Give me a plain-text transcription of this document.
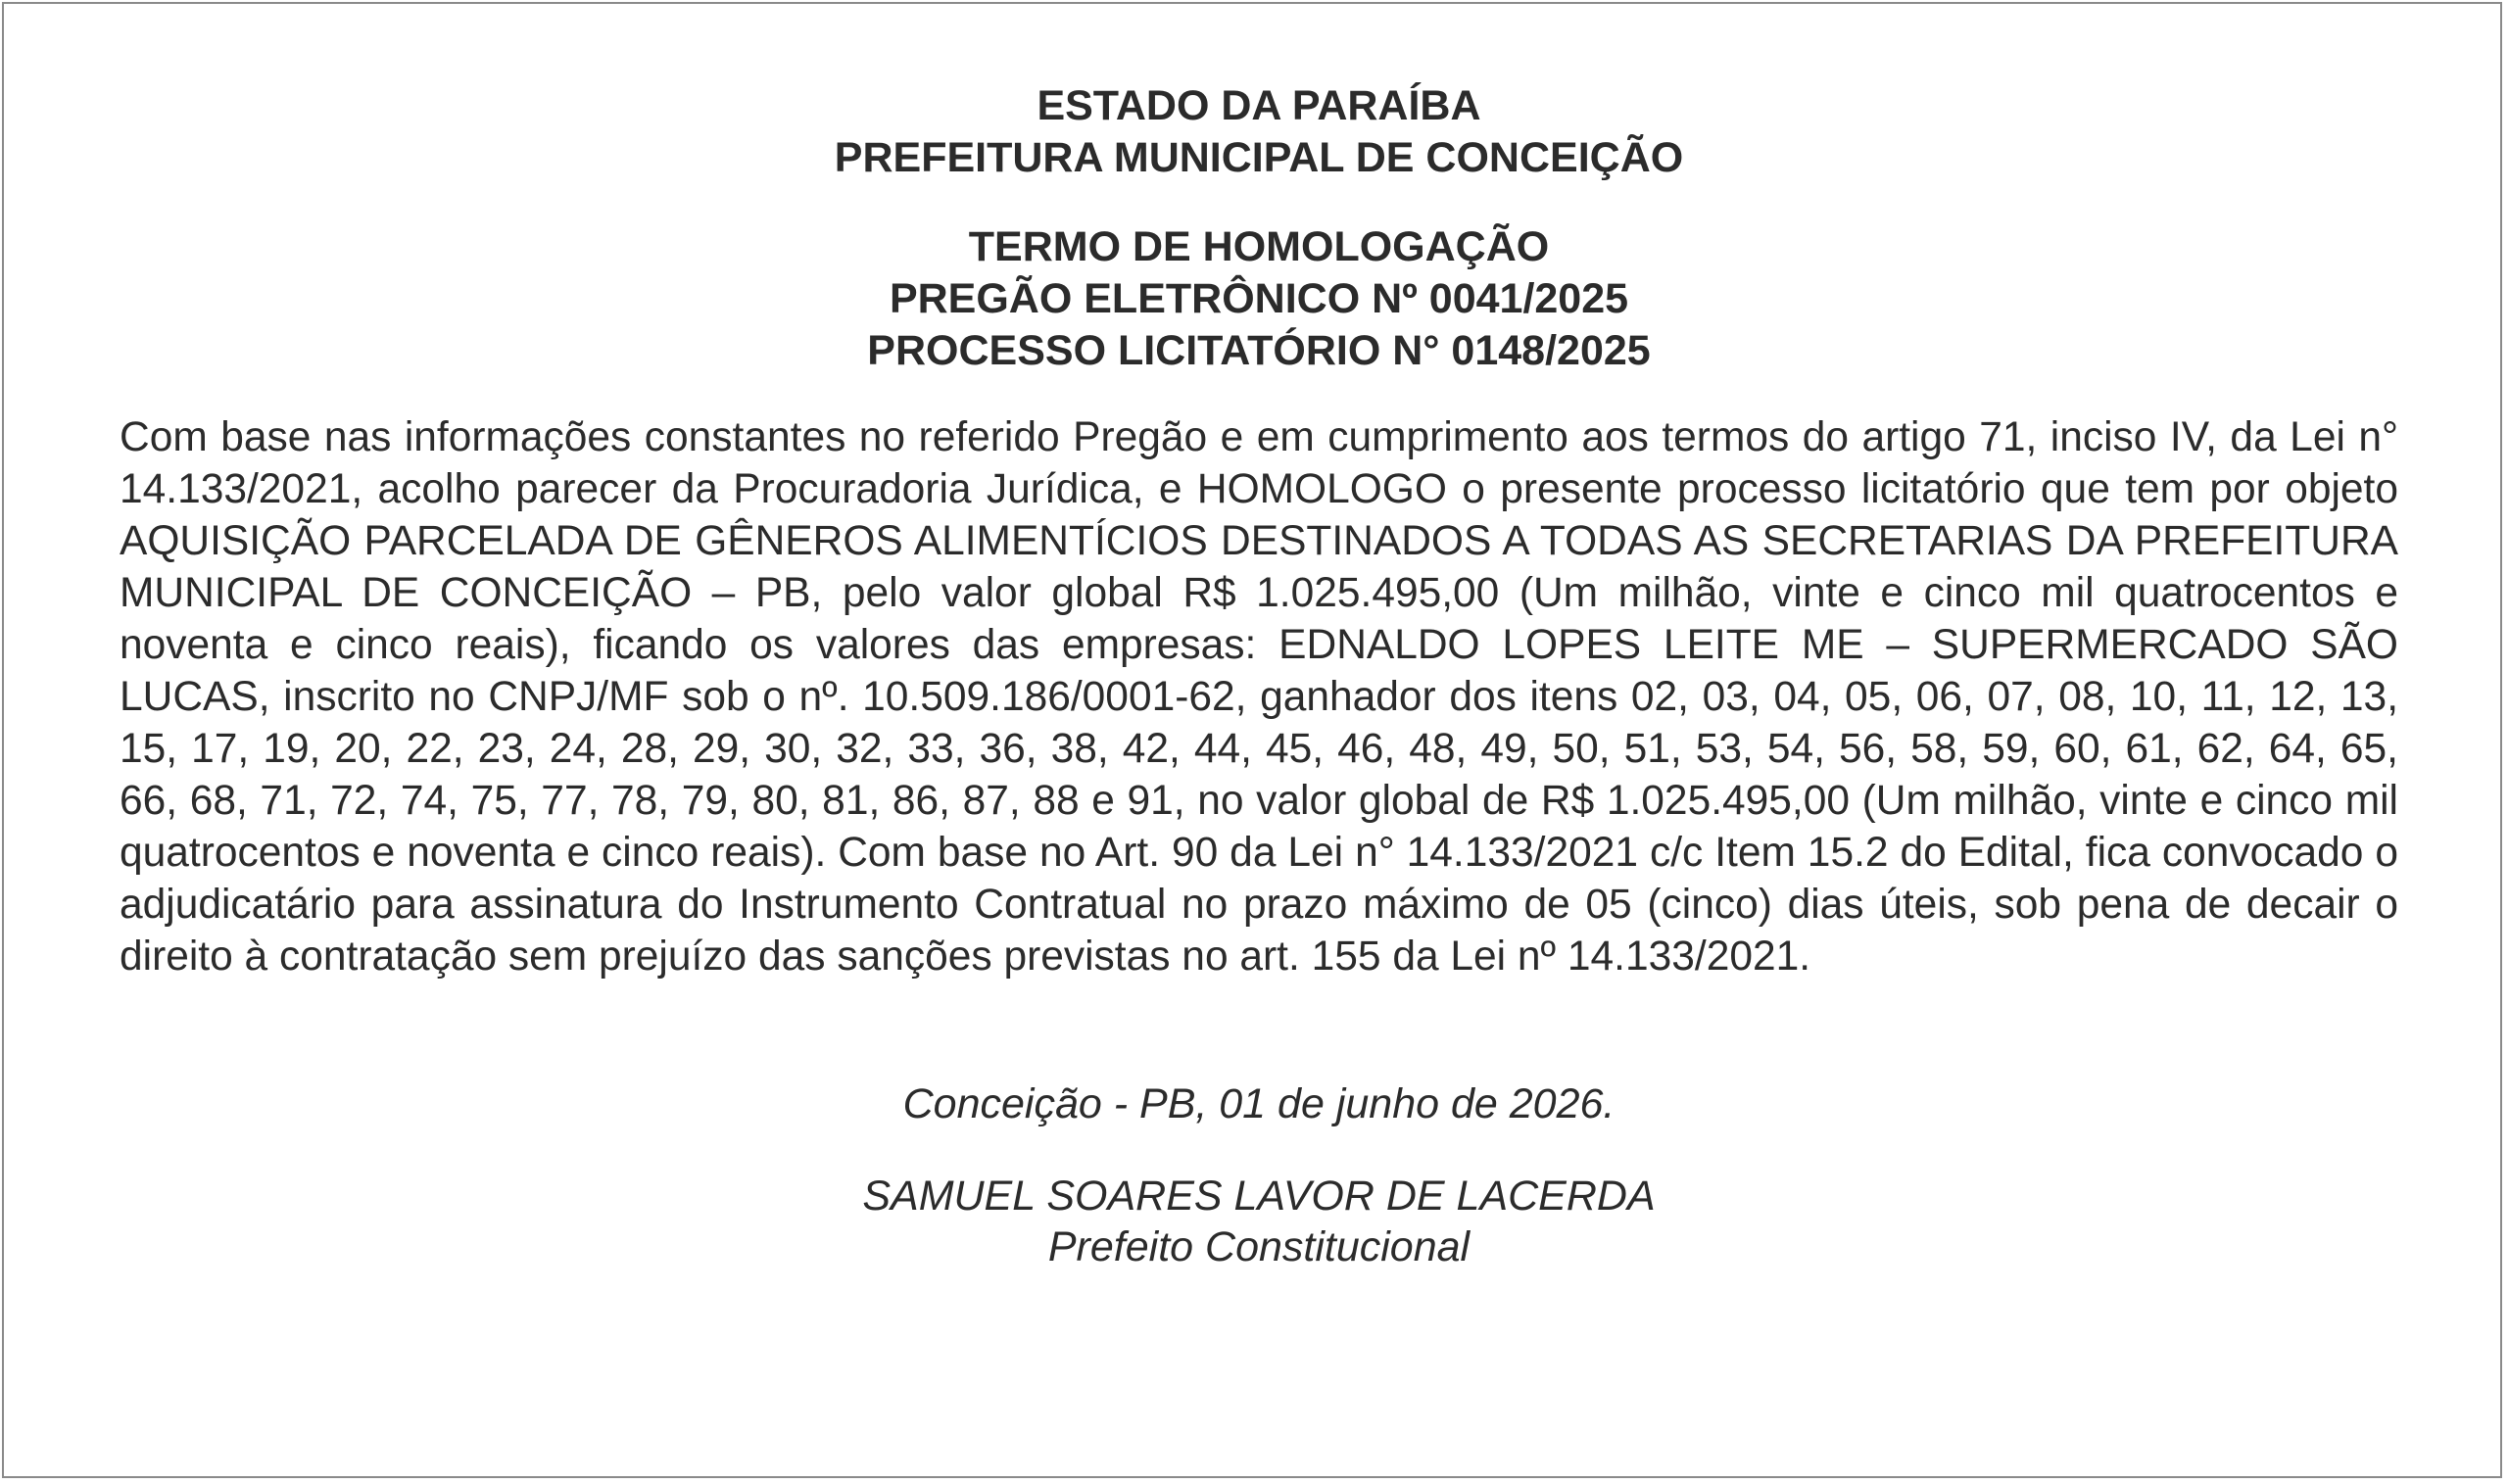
ESTADO DA PARAÍBA

PREFEITURA MUNICIPAL DE CONCEIÇÃO

TERMO DE HOMOLOGAÇÃO

PREGÃO ELETRÔNICO Nº 0041/2025

PROCESSO LICITATÓRIO N° 0148/2025

Com base nas informações constantes no referido Pregão e em cumprimento aos termos do artigo 71, inciso IV, da Lei n° 14.133/2021, acolho parecer da Procuradoria Jurídica, e HOMOLOGO o presente processo licitatório que tem por objeto AQUISIÇÃO PARCELADA DE GÊNEROS ALIMENTÍCIOS DESTINADOS A TODAS AS SECRETARIAS DA PREFEITURA MUNICIPAL DE CONCEIÇÃO – PB, pelo valor global R$ 1.025.495,00 (Um milhão, vinte e cinco mil quatrocentos e noventa e cinco reais), ficando os valores das empresas: EDNALDO LOPES LEITE ME – SUPERMERCADO SÃO LUCAS, inscrito no CNPJ/MF sob o nº. 10.509.186/0001-62, ganhador dos itens 02, 03, 04, 05, 06, 07, 08, 10, 11, 12, 13, 15, 17, 19, 20, 22, 23, 24, 28, 29, 30, 32, 33, 36, 38, 42, 44, 45, 46, 48, 49, 50, 51, 53, 54, 56, 58, 59, 60, 61, 62, 64, 65, 66, 68, 71, 72, 74, 75, 77, 78, 79, 80, 81, 86, 87, 88 e 91, no valor global de R$ 1.025.495,00 (Um milhão, vinte e cinco mil quatrocentos e noventa e cinco reais). Com base no Art. 90 da Lei n° 14.133/2021 c/c Item 15.2 do Edital, fica convocado o adjudicatário para assinatura do Instrumento Contratual no prazo máximo de 05 (cinco) dias úteis, sob pena de decair o direito à contratação sem prejuízo das sanções previstas no art. 155 da Lei nº 14.133/2021.

Conceição - PB, 01 de junho de 2026.

SAMUEL SOARES LAVOR DE LACERDA

Prefeito Constitucional
